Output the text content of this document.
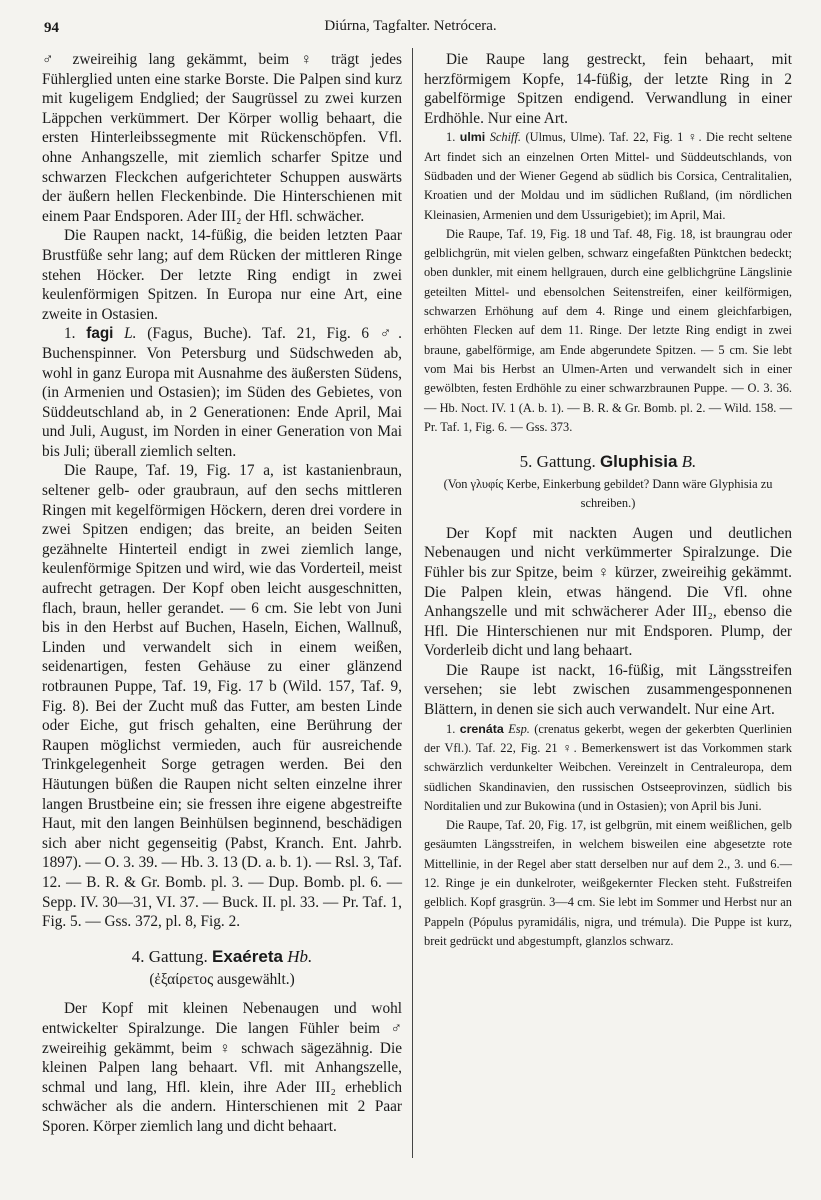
94	Diúrna, Tagfalter. Netrócera.

♂ zweireihig lang gekämmt, beim ♀ trägt jedes Fühlerglied unten eine starke Borste. Die Palpen sind kurz mit kugeligem Endglied; der Saugrüssel zu zwei kurzen Läppchen verkümmert. Der Körper wollig behaart, die ersten Hinterleibssegmente mit Rückenschöpfen. Vfl. ohne Anhangszelle, mit ziemlich scharfer Spitze und schwarzen Fleckchen aufgerichteter Schuppen auswärts der äußern hellen Fleckenbinde. Die Hinterschienen mit einem Paar Endsporen. Ader III₂ der Hfl. schwächer.

Die Raupen nackt, 14-füßig, die beiden letzten Paar Brustfüße sehr lang; auf dem Rücken der mittleren Ringe stehen Höcker. Der letzte Ring endigt in zwei keulenförmigen Spitzen. In Europa nur eine Art, eine zweite in Ostasien.

1. fagi L. (Fagus, Buche). Taf. 21, Fig. 6 ♂. Buchenspinner. Von Petersburg und Südschweden ab, wohl in ganz Europa mit Ausnahme des äußersten Südens, (in Armenien und Ostasien); im Süden des Gebietes, von Süddeutschland ab, in 2 Generationen: Ende April, Mai und Juli, August, im Norden in einer Generation von Mai bis Juli; überall ziemlich selten.

Die Raupe, Taf. 19, Fig. 17 a, ist kastanienbraun, seltener gelb- oder graubraun, auf den sechs mittleren Ringen mit kegelförmigen Höckern, deren drei vordere in zwei Spitzen endigen; das breite, an beiden Seiten gezähnelte Hinterteil endigt in zwei ziemlich lange, keulenförmige Spitzen und wird, wie das Vorderteil, meist aufrecht getragen. Der Kopf oben leicht ausgeschnitten, flach, braun, heller gerandet. — 6 cm. Sie lebt von Juni bis in den Herbst auf Buchen, Haseln, Eichen, Wallnuß, Linden und verwandelt sich in einem weißen, seidenartigen, festen Gehäuse zu einer glänzend rotbraunen Puppe, Taf. 19, Fig. 17 b (Wild. 157, Taf. 9, Fig. 8). Bei der Zucht muß das Futter, am besten Linde oder Eiche, gut frisch gehalten, eine Berührung der Raupen möglichst vermieden, auch für ausreichende Trinkgelegenheit Sorge getragen werden. Bei den Häutungen büßen die Raupen nicht selten einzelne ihrer langen Brustbeine ein; sie fressen ihre eigene abgestreifte Haut, mit den langen Beinhülsen beginnend, beschädigen sich aber nicht gegenseitig (Pabst, Kranch. Ent. Jahrb. 1897). — O. 3. 39. — Hb. 3. 13 (D. a. b. 1). — Rsl. 3, Taf. 12. — B. R. & Gr. Bomb. pl. 3. — Dup. Bomb. pl. 6. — Sepp. IV. 30—31, VI. 37. — Buck. II. pl. 33. — Pr. Taf. 1, Fig. 5. — Gss. 372, pl. 8, Fig. 2.

4. Gattung. Exaéreta Hb.
(ἐξαίρετος ausgewählt.)

Der Kopf mit kleinen Nebenaugen und wohl entwickelter Spiralzunge. Die langen Fühler beim ♂ zweireihig gekämmt, beim ♀ schwach sägezähnig. Die kleinen Palpen lang behaart. Vfl. mit Anhangszelle, schmal und lang, Hfl. klein, ihre Ader III₂ erheblich schwächer als die andern. Hinterschienen mit 2 Paar Sporen. Körper ziemlich lang und dicht behaart.

Die Raupe lang gestreckt, fein behaart, mit herzförmigem Kopfe, 14-füßig, der letzte Ring in 2 gabelförmige Spitzen endigend. Verwandlung in einer Erdhöhle. Nur eine Art.

1. ulmi Schiff. (Ulmus, Ulme). Taf. 22, Fig. 1 ♀. Die recht seltene Art findet sich an einzelnen Orten Mittel- und Süddeutschlands, von Südbaden und der Wiener Gegend ab südlich bis Corsica, Centralitalien, Kroatien und der Moldau und im südlichen Rußland, (im nördlichen Kleinasien, Armenien und dem Ussurigebiet); im April, Mai.

Die Raupe, Taf. 19, Fig. 18 und Taf. 48, Fig. 18, ist braungrau oder gelblichgrün, mit vielen gelben, schwarz eingefaßten Pünktchen bedeckt; oben dunkler, mit einem hellgrauen, durch eine gelblichgrüne Längslinie geteilten Mittel- und ebensolchen Seitenstreifen, einer keilförmigen, schwarzen Erhöhung auf dem 4. Ringe und einem gleichfarbigen, erhöhten Flecken auf dem 11. Ringe. Der letzte Ring endigt in zwei braune, gabelförmige, am Ende abgerundete Spitzen. — 5 cm. Sie lebt vom Mai bis Herbst an Ulmen-Arten und verwandelt sich in einer gewölbten, festen Erdhöhle zu einer schwarzbraunen Puppe. — O. 3. 36. — Hb. Noct. IV. 1 (A. b. 1). — B. R. & Gr. Bomb. pl. 2. — Wild. 158. — Pr. Taf. 1, Fig. 6. — Gss. 373.

5. Gattung. Gluphisia B.
(Von γλυφίς Kerbe, Einkerbung gebildet? Dann wäre Glyphisia zu schreiben.)

Der Kopf mit nackten Augen und deutlichen Nebenaugen und nicht verkümmerter Spiralzunge. Die Fühler bis zur Spitze, beim ♀ kürzer, zweireihig gekämmt. Die Palpen klein, etwas hängend. Die Vfl. ohne Anhangszelle und mit schwächerer Ader III₂, ebenso die Hfl. Die Hinterschienen nur mit Endsporen. Plump, der Vorderleib dicht und lang behaart.

Die Raupe ist nackt, 16-füßig, mit Längsstreifen versehen; sie lebt zwischen zusammengesponnenen Blättern, in denen sie sich auch verwandelt. Nur eine Art.

1. crenáta Esp. (crenatus gekerbt, wegen der gekerbten Querlinien der Vfl.). Taf. 22, Fig. 21 ♀. Bemerkenswert ist das Vorkommen stark schwärzlich verdunkelter Weibchen. Vereinzelt in Centraleuropa, dem südlichen Skandinavien, den russischen Ostseeprovinzen, südlich bis Norditalien und zur Bukowina (und in Ostasien); von April bis Juni.

Die Raupe, Taf. 20, Fig. 17, ist gelbgrün, mit einem weißlichen, gelb gesäumten Längsstreifen, in welchem bisweilen eine abgesetzte rote Mittellinie, in der Regel aber statt derselben nur auf dem 2., 3. und 6.—12. Ringe je ein dunkelroter, weißgekernter Flecken steht. Fußstreifen gelblich. Kopf grasgrün. 3—4 cm. Sie lebt im Sommer und Herbst nur an Pappeln (Pópulus pyramidális, nigra, und trémula). Die Puppe ist kurz, breit gedrückt und abgestumpft, glanzlos schwarz.
